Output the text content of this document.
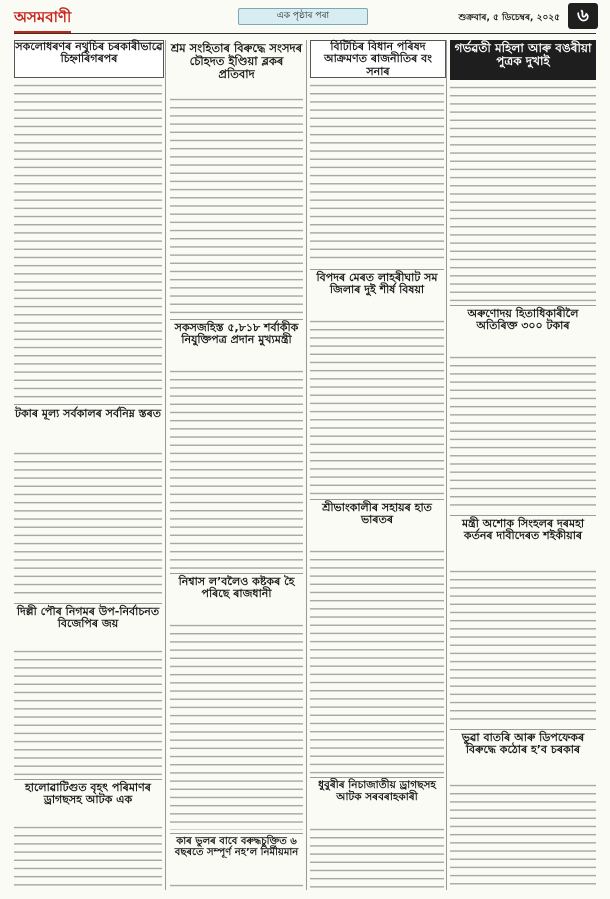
অসমবাণী	এক পৃষ্ঠাৰ পৰা	শুক্ৰবাৰ, ৫ ডিচেম্বৰ, ২০২৫ ৬
সকলোধৰণৰ নথুচিৰ চৰকাৰীভাৱে চিহ্নাৰিগৰপৰ
শ্ৰম সংহিতাৰ বিৰুদ্ধে সংসদৰ চৌহদত ইণ্ডিয়া ব্লকৰ প্ৰতিবাদ
বিটিচিৰ বিধান পৰিষদ আক্ৰমণত ৰাজনীতিৰ বং সনাৰ
গৰ্ভৱতী মহিলা আৰু বঙৰীয়া পুত্ৰক দুখাই
সকসজহিস্ত ৫,৮১৮ শৰ্বাকীক নিযুক্তিপত্ৰ প্ৰদান মুখ্যমন্ত্ৰী
বিপদৰ মেৰত লাহৰীঘাট সম জিলাৰ দুই শীৰ্ষ বিষয়া
অৰুণোদয় হিতাধিকাৰীলৈ অতিৰিক্ত ৩০০ টকাৰ
টকাৰ মূল্য সৰ্বকালৰ সৰ্বনিম্ন স্তৰত
নিশ্বাস ল’বলৈও কষ্টকৰ হৈ পৰিছে ৰাজধানী
মন্ত্ৰী অশোক সিংহলৰ দৰমহা কৰ্তনৰ দাবীদেৰত শইকীয়াৰ
দিল্লী পৌৰ নিগমৰ উপ-নিৰ্বাচনত বিজেপিৰ জয়
শ্ৰীভাংকালীৰ সহায়ৰ হাত ভাৰতৰ
ভুৱা বাতৰি আৰু ডিপফেকৰ বিৰুদ্ধে কঠোৰ হ’ব চৰকাৰ
কাৰ ভুলৰ বাবে বৰুদ্ধচুক্তিত ৬ বছৰতে সম্পূৰ্ণ নহ’ল নিৰ্মীয়মান
হালোৱাটিগুত বৃহৎ পৰিমাণৰ ড্ৰাগছসহ আটক এক
ধুবুৰীৰ নিচাজাতীয় ড্ৰাগছসহ আটক সৰবৰাহকাৰী
